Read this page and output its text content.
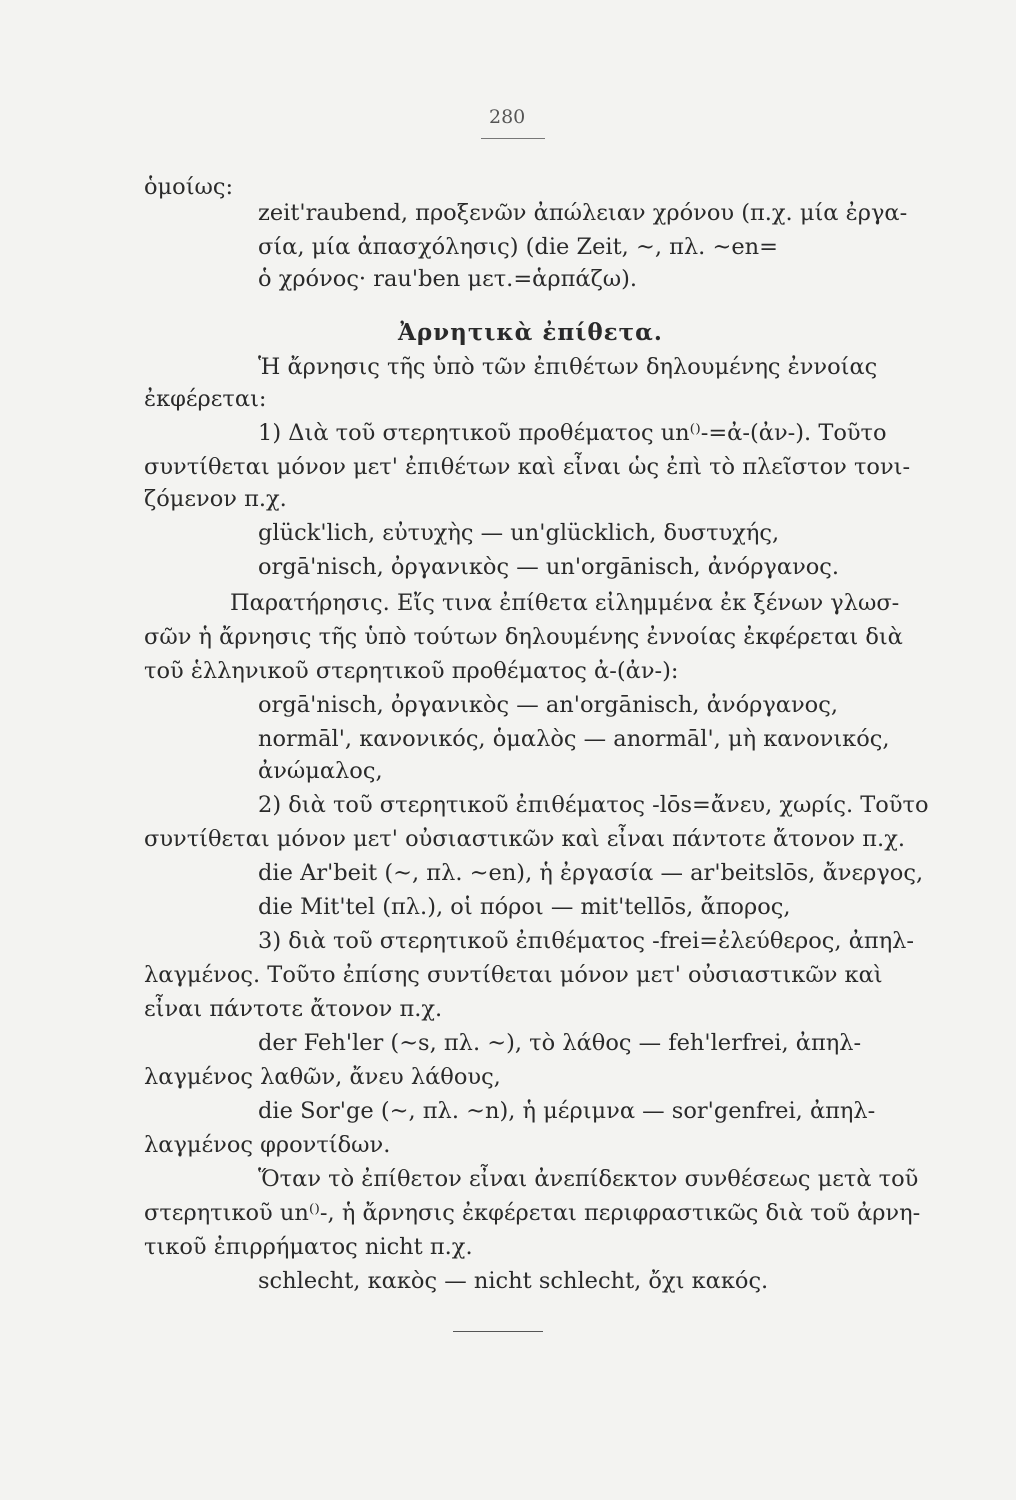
280
ὁμοίως:
zeit'raubend, προξενῶν ἀπώλειαν χρόνου (π.χ. μία ἐργα-
σία, μία ἀπασχόλησις) (die Zeit, ~, πλ. ~en=
ὁ χρόνος· rau'ben μετ.=ἁρπάζω).
Ἀρνητικὰ ἐπίθετα.
Ἡ ἄρνησις τῆς ὑπὸ τῶν ἐπιθέτων δηλουμένης ἐννοίας
ἐκφέρεται:
1) Διὰ τοῦ στερητικοῦ προθέματος un⁽⁾-=ἀ-(ἀν-). Τοῦτο
συντίθεται μόνον μετ' ἐπιθέτων καὶ εἶναι ὡς ἐπὶ τὸ πλεῖστον τονι-
ζόμενον π.χ.
glück'lich, εὐτυχὴς — un'glücklich, δυστυχής,
orgā'nisch, ὀργανικὸς — un'orgānisch, ἀνόργανος.
Παρατήρησις. Εἴς τινα ἐπίθετα εἰλημμένα ἐκ ξένων γλωσ-
σῶν ἡ ἄρνησις τῆς ὑπὸ τούτων δηλουμένης ἐννοίας ἐκφέρεται διὰ
τοῦ ἑλληνικοῦ στερητικοῦ προθέματος ἀ-(ἀν-):
orgā'nisch, ὀργανικὸς — an'orgānisch, ἀνόργανος,
normāl', κανονικός, ὁμαλὸς — anormāl', μὴ κανονικός,
ἀνώμαλος,
2) διὰ τοῦ στερητικοῦ ἐπιθέματος -lōs=ἄνευ, χωρίς. Τοῦτο
συντίθεται μόνον μετ' οὐσιαστικῶν καὶ εἶναι πάντοτε ἄτονον π.χ.
die Ar'beit (~, πλ. ~en), ἡ ἐργασία — ar'beitslōs, ἄνεργος,
die Mit'tel (πλ.), οἱ πόροι — mit'tellōs, ἄπορος,
3) διὰ τοῦ στερητικοῦ ἐπιθέματος -frei=ἐλεύθερος, ἀπηλ-
λαγμένος. Τοῦτο ἐπίσης συντίθεται μόνον μετ' οὐσιαστικῶν καὶ
εἶναι πάντοτε ἄτονον π.χ.
der Feh'ler (~s, πλ. ~), τὸ λάθος — feh'lerfrei, ἀπηλ-
λαγμένος λαθῶν, ἄνευ λάθους,
die Sor'ge (~, πλ. ~n), ἡ μέριμνα — sor'genfrei, ἀπηλ-
λαγμένος φροντίδων.
Ὅταν τὸ ἐπίθετον εἶναι ἀνεπίδεκτον συνθέσεως μετὰ τοῦ
στερητικοῦ un⁽⁾-, ἡ ἄρνησις ἐκφέρεται περιφραστικῶς διὰ τοῦ ἀρνη-
τικοῦ ἐπιρρήματος nicht π.χ.
schlecht, κακὸς — nicht schlecht, ὄχι κακός.
